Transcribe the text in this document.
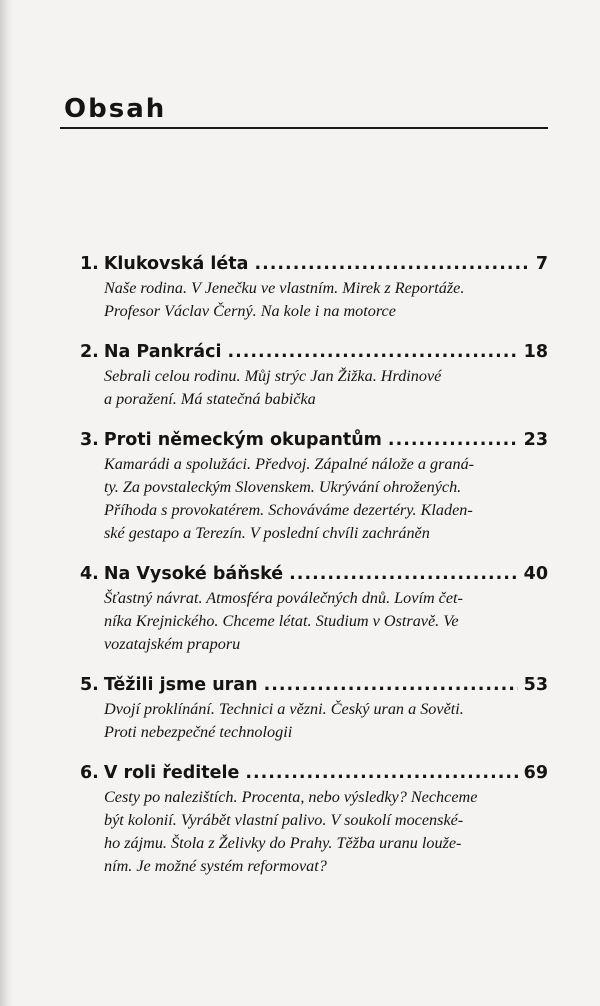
Obsah
1. Klukovská léta .....	7
Naše rodina. V Jenečku ve vlastním. Mirek z Reportáže.
Profesor Václav Černý. Na kole i na motorce
2. Na Pankráci .....	18
Sebrali celou rodinu. Můj strýc Jan Žižka. Hrdinové
a poražení. Má statečná babička
3. Proti německým okupantům .....	23
Kamarádi a spolužáci. Předvoj. Zápalné nálože a graná-
ty. Za povstaleckým Slovenskem. Ukrývání ohrožených.
Příhoda s provokatérem. Schováváme dezertéry. Kladen-
ské gestapo a Terezín. V poslední chvíli zachráněn
4. Na Vysoké báňské .....	40
Šťastný návrat. Atmosféra poválečných dnů. Lovím čet-
níka Krejnického. Chceme létat. Studium v Ostravě. Ve
vozatajském praporu
5. Těžili jsme uran .....	53
Dvojí proklínání. Technici a vězni. Český uran a Sověti.
Proti nebezpečné technologii
6. V roli ředitele .....	69
Cesty po nalezištích. Procenta, nebo výsledky? Nechceme
být kolonií. Vyrábět vlastní palivo. V soukolí mocenské-
ho zájmu. Štola z Želivky do Prahy. Těžba uranu louže-
ním. Je možné systém reformovat?
